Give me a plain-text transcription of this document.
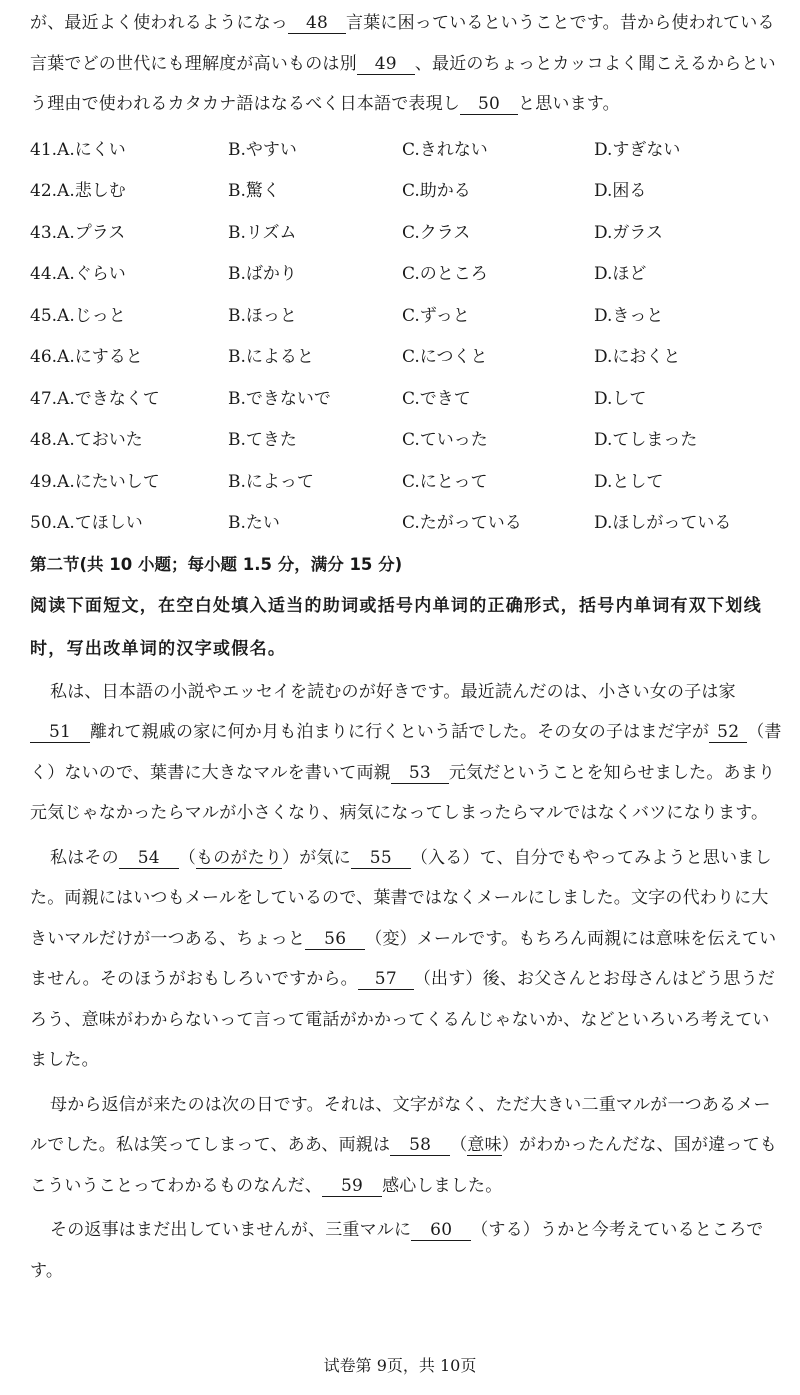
が、最近よく使われるようになっ 48 言葉に困っているということです。昔から使われている言葉でどの世代にも理解度が高いものは別 49 、最近のちょっとカッコよく聞こえるからという理由で使われるカタカナ語はなるべく日本語で表現し 50 と思います。

41.A.にくい	B.やすい	C.きれない	D.すぎない
42.A.悲しむ	B.驚く	C.助かる	D.困る
43.A.プラス	B.リズム	C.クラス	D.ガラス
44.A.ぐらい	B.ばかり	C.のところ	D.ほど
45.A.じっと	B.ほっと	C.ずっと	D.きっと
46.A.にすると	B.によると	C.につくと	D.におくと
47.A.できなくて	B.できないで	C.できて	D.して
48.A.ておいた	B.てきた	C.ていった	D.てしまった
49.A.にたいして	B.によって	C.にとって	D.として
50.A.てほしい	B.たい	C.たがっている	D.ほしがっている

第二节(共 10 小题；每小题 1.5 分，满分 15 分)

阅读下面短文，在空白处填入适当的助词或括号内单词的正确形式，括号内单词有双下划线时，写出改单词的汉字或假名。

私は、日本語の小説やエッセイを読むのが好きです。最近読んだのは、小さい女の子は家51 離れて親戚の家に何か月も泊まりに行くという話でした。その女の子はまだ字が 52 （書く）ないので、葉書に大きなマルを書いて両親 53 元気だということを知らせました。あまり元気じゃなかったらマルが小さくなり、病気になってしまったらマルではなくバツになります。

私はその 54 （ものがたり）が気に 55 （入る）て、自分でもやってみようと思いました。両親にはいつもメールをしているので、葉書ではなくメールにしました。文字の代わりに大きいマルだけが一つある、ちょっと 56 （変）メールです。もちろん両親には意味を伝えていません。そのほうがおもしろいですから。 57 （出す）後、お父さんとお母さんはどう思うだろう、意味がわからないって言って電話がかかってくるんじゃないか、などといろいろ考えていました。

母から返信が来たのは次の日です。それは、文字がなく、ただ大きい二重マルが一つあるメールでした。私は笑ってしまって、ああ、両親は 58 （意味）がわかったんだな、国が違ってもこういうことってわかるものなんだ、 59 感心しました。

その返事はまだ出していませんが、三重マルに 60 （する）うかと今考えているところです。

试卷第 9页，共 10页
